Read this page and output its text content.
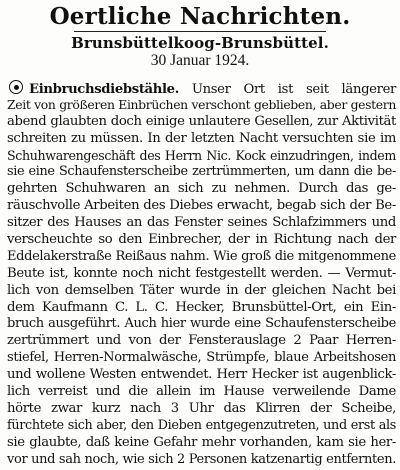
Oertliche Nachrichten.
Brunsbüttelkoog-Brunsbüttel.
30 Januar 1924.
Einbruchsdiebstähle. Unser Ort ist seit längerer
Zeit von größeren Einbrüchen verschont geblieben, aber gestern
abend glaubten doch einige unlautere Gesellen, zur Aktivität
schreiten zu müssen. In der letzten Nacht versuchten sie im
Schuhwarengeschäft des Herrn Nic. Kock einzudringen, indem
sie eine Schaufensterscheibe zertrümmerten, um dann die be-
gehrten Schuhwaren an sich zu nehmen. Durch das ge-
räuschvolle Arbeiten des Diebes erwacht, begab sich der Be-
sitzer des Hauses an das Fenster seines Schlafzimmers und
verscheuchte so den Einbrecher, der in Richtung nach der
Eddelakerstraße Reißaus nahm. Wie groß die mitgenommene
Beute ist, konnte noch nicht festgestellt werden. — Vermut-
lich von demselben Täter wurde in der gleichen Nacht bei
dem Kaufmann C. L. C. Hecker, Brunsbüttel-Ort, ein Ein-
bruch ausgeführt. Auch hier wurde eine Schaufensterscheibe
zertrümmert und von der Fensterauslage 2 Paar Herren-
stiefel, Herren-Normalwäsche, Strümpfe, blaue Arbeitshosen
und wollene Westen entwendet. Herr Hecker ist augenblick-
lich verreist und die allein im Hause verweilende Dame
hörte zwar kurz nach 3 Uhr das Klirren der Scheibe,
fürchtete sich aber, den Dieben entgegenzutreten, und erst als
sie glaubte, daß keine Gefahr mehr vorhanden, kam sie her-
vor und sah noch, wie sich 2 Personen katzenartig entfernten.
